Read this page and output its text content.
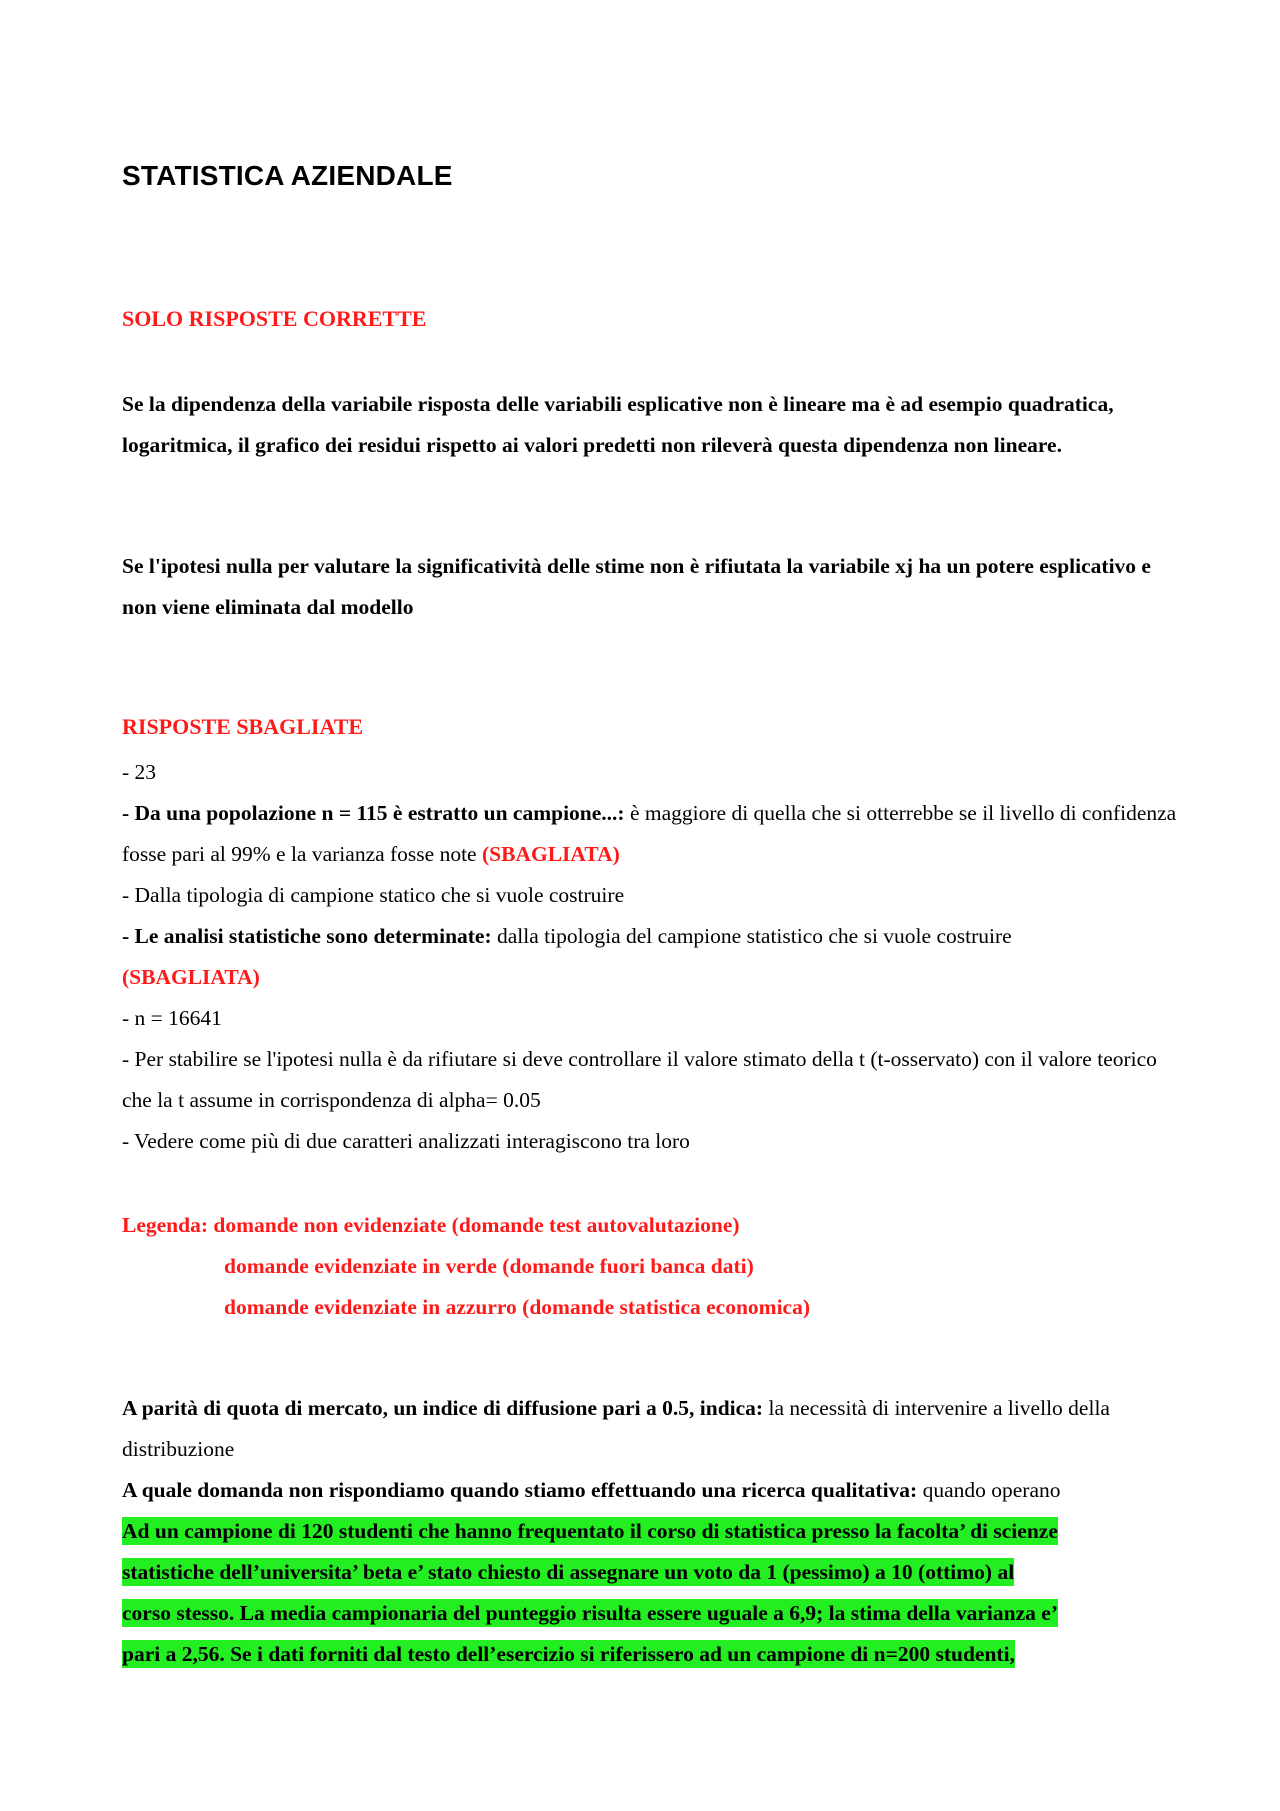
STATISTICA AZIENDALE
SOLO RISPOSTE CORRETTE

Se la dipendenza della variabile risposta delle variabili esplicative non è lineare ma è ad esempio quadratica, logaritmica, il grafico dei residui rispetto ai valori predetti non rileverà questa dipendenza non lineare.

Se l'ipotesi nulla per valutare la significatività delle stime non è rifiutata la variabile xj ha un potere esplicativo e non viene eliminata dal modello

RISPOSTE SBAGLIATE
- 23
- Da una popolazione n = 115 è estratto un campione...: è maggiore di quella che si otterrebbe se il livello di confidenza fosse pari al 99% e la varianza fosse note (SBAGLIATA)
- Dalla tipologia di campione statico che si vuole costruire
- Le analisi statistiche sono determinate: dalla tipologia del campione statistico che si vuole costruire
(SBAGLIATA)
- n = 16641
- Per stabilire se l'ipotesi nulla è da rifiutare si deve controllare il valore stimato della t (t-osservato) con il valore teorico che la t assume in corrispondenza di alpha= 0.05
- Vedere come più di due caratteri analizzati interagiscono tra loro
Legenda: domande non evidenziate (domande test autovalutazione)
domande evidenziate in verde (domande fuori banca dati)
domande evidenziate in azzurro (domande statistica economica)
A parità di quota di mercato, un indice di diffusione pari a 0.5, indica: la necessità di intervenire a livello della distribuzione
A quale domanda non rispondiamo quando stiamo effettuando una ricerca qualitativa: quando operano
Ad un campione di 120 studenti che hanno frequentato il corso di statistica presso la facolta’ di scienze
statistiche dell’universita’ beta e’ stato chiesto di assegnare un voto da 1 (pessimo) a 10 (ottimo) al
corso stesso. La media campionaria del punteggio risulta essere uguale a 6,9; la stima della varianza e’
pari a 2,56. Se i dati forniti dal testo dell’esercizio si riferissero ad un campione di n=200 studenti,
